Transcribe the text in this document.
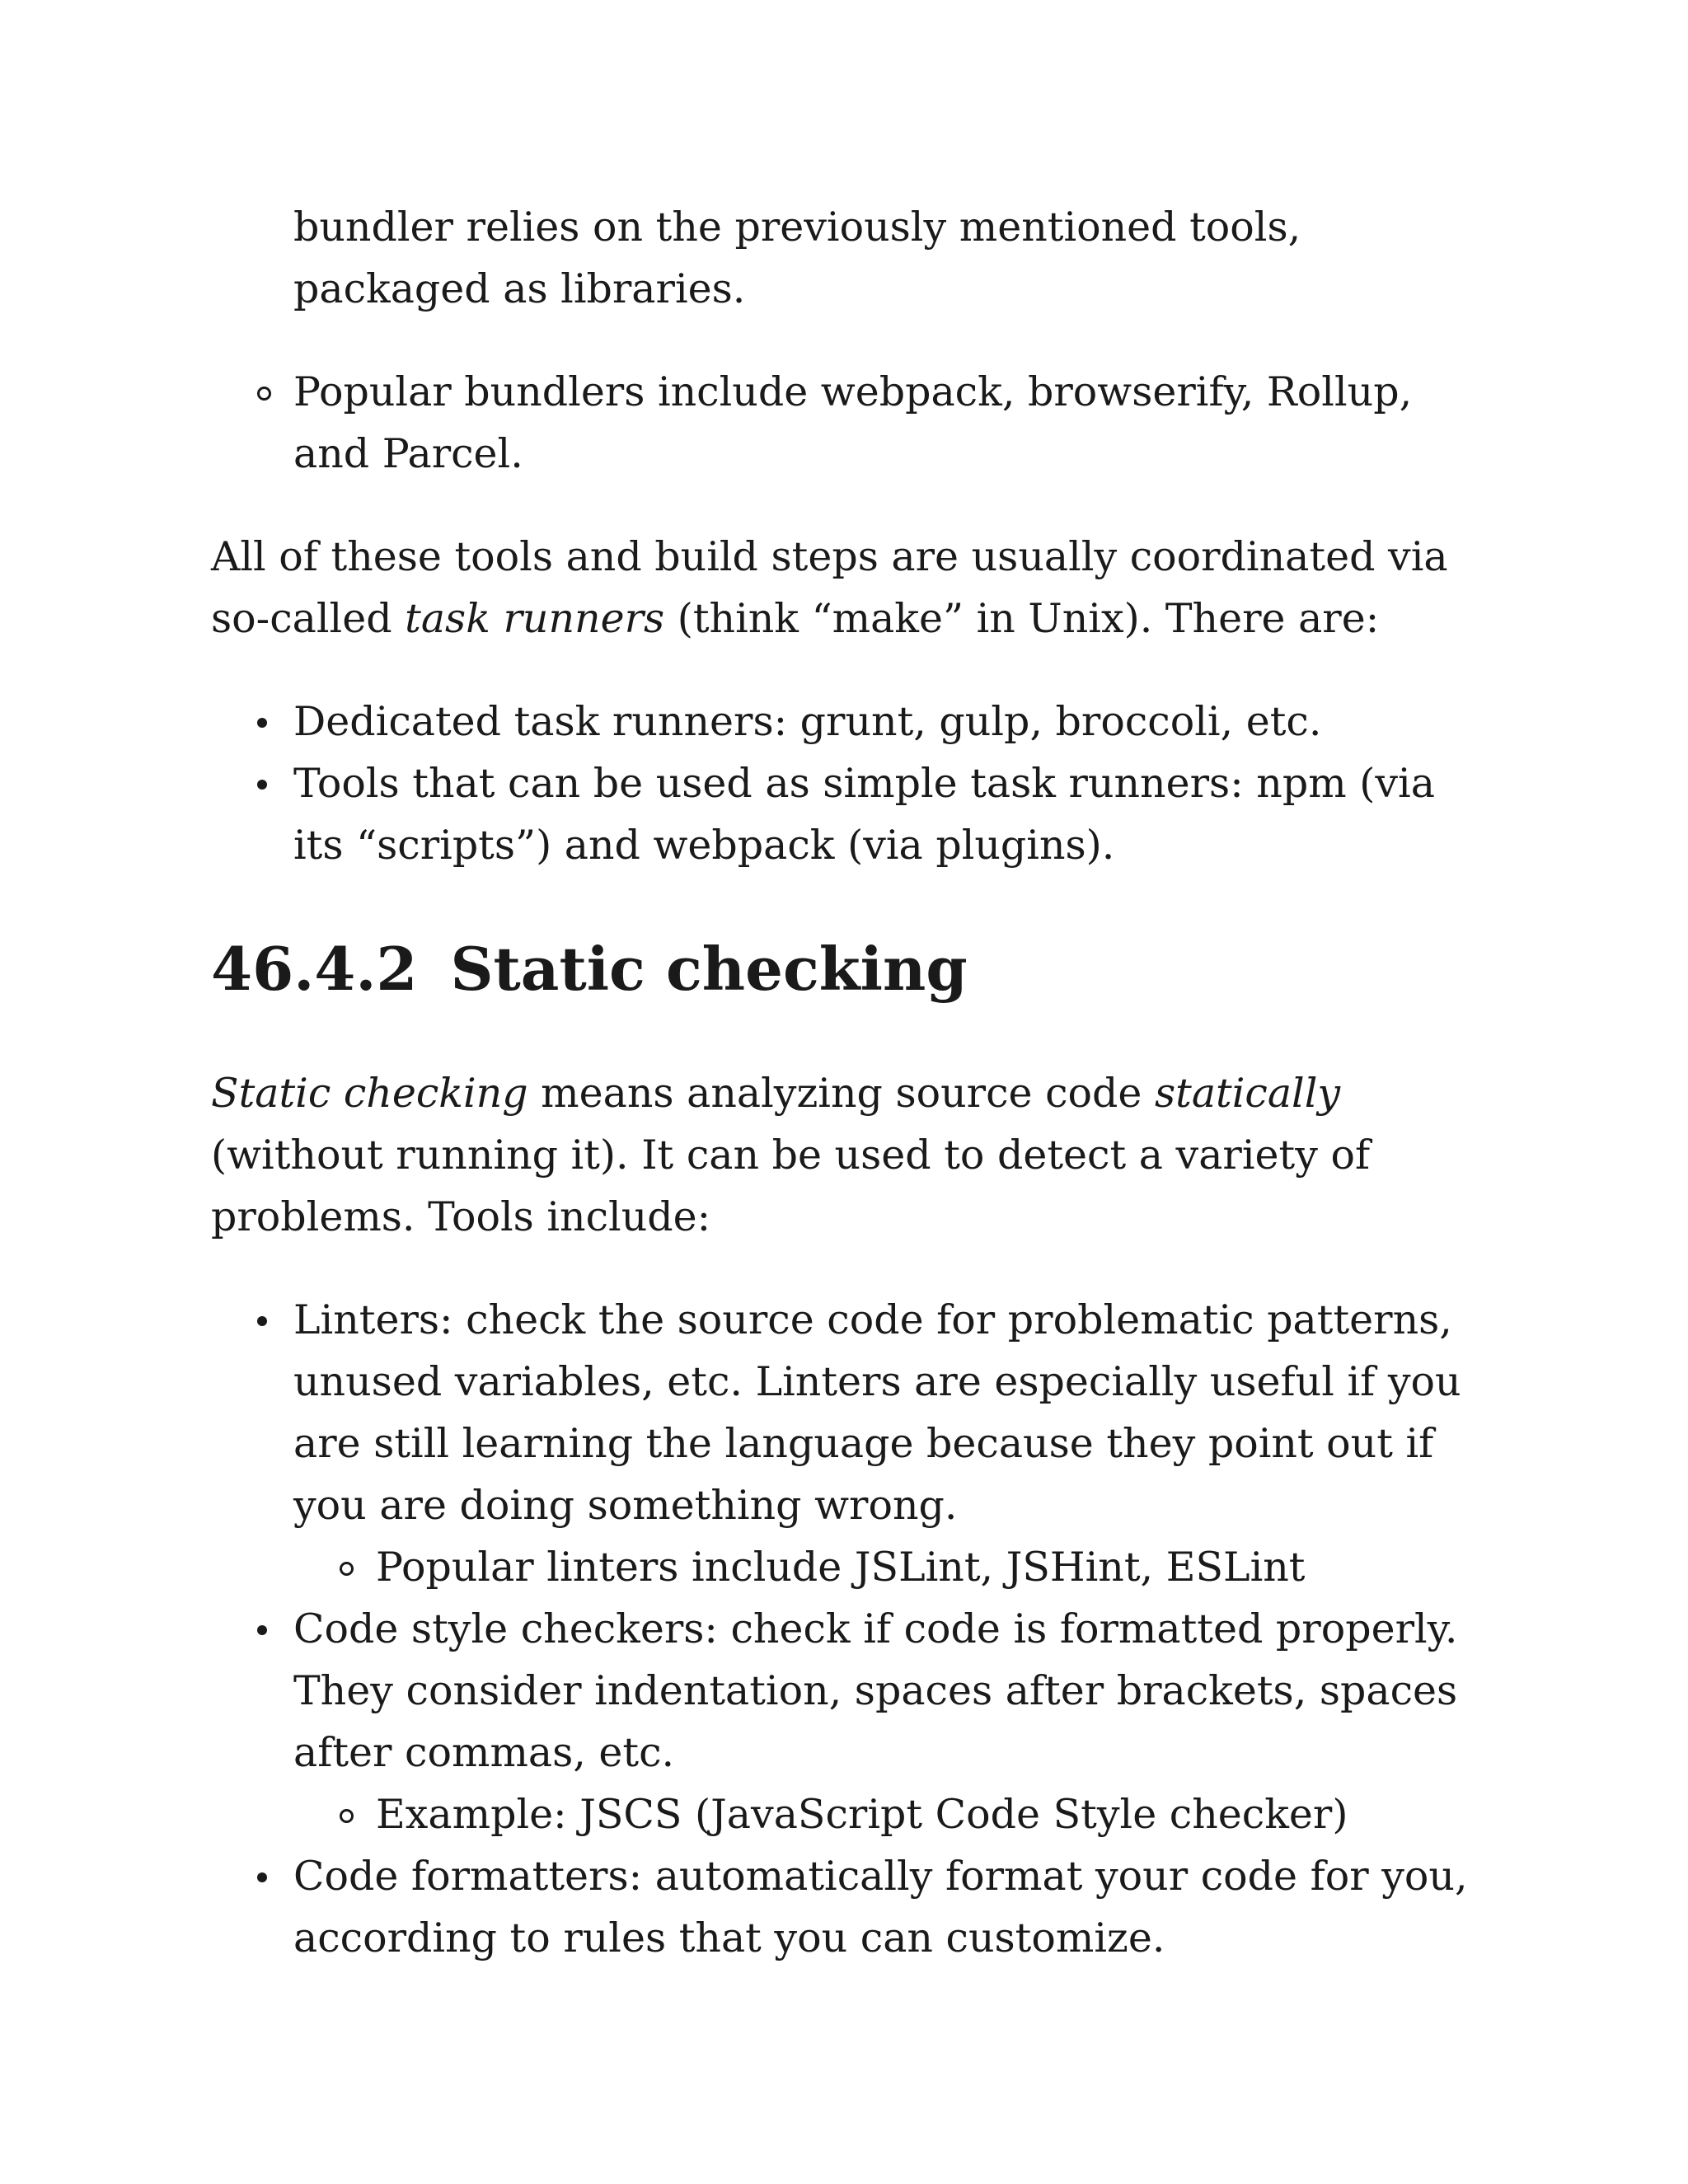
bundler relies on the previously mentioned tools, packaged as libraries.

Popular bundlers include webpack, browserify, Rollup, and Parcel.

All of these tools and build steps are usually coordinated via so-called task runners (think “make” in Unix). There are:

Dedicated task runners: grunt, gulp, broccoli, etc.
Tools that can be used as simple task runners: npm (via its “scripts”) and webpack (via plugins).
46.4.2 Static checking

Static checking means analyzing source code statically (without running it). It can be used to detect a variety of problems. Tools include:

Linters: check the source code for problematic patterns, unused variables, etc. Linters are especially useful if you are still learning the language because they point out if you are doing something wrong.
Popular linters include JSLint, JSHint, ESLint
Code style checkers: check if code is formatted properly. They consider indentation, spaces after brackets, spaces after commas, etc.
Example: JSCS (JavaScript Code Style checker)
Code formatters: automatically format your code for you, according to rules that you can customize.
